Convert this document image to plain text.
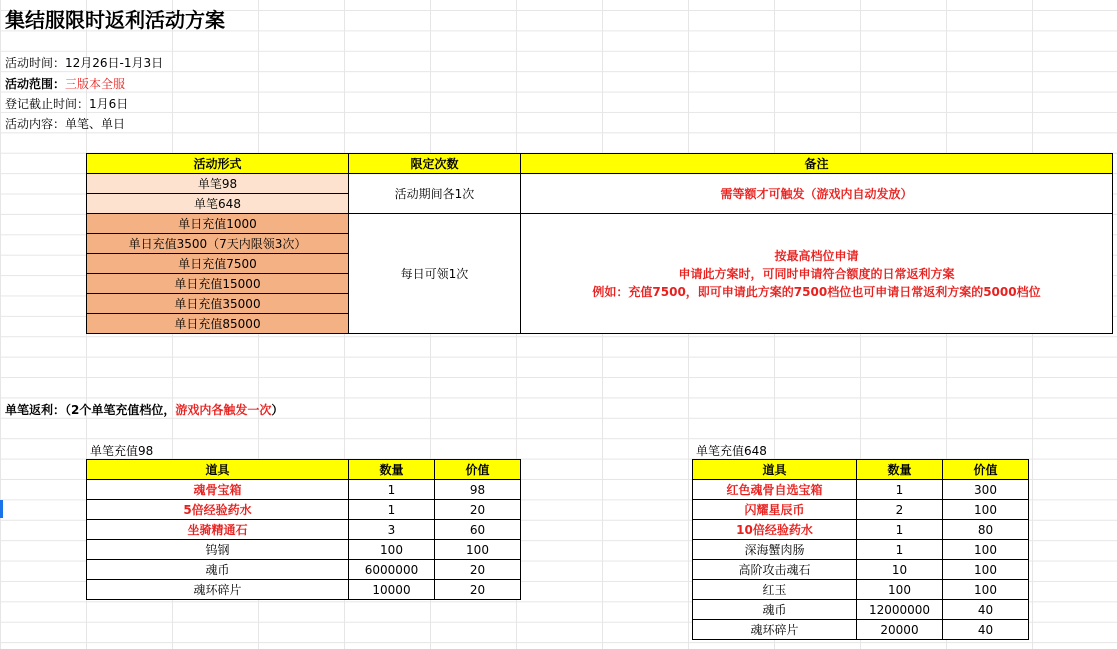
集结服限时返利活动方案
活动时间：12月26日-1月3日
活动范围：三版本全服
登记截止时间：1月6日
活动内容：单笔、单日
活动形式	限定次数	备注
单笔98	活动期间各1次	需等额才可触发（游戏内自动发放）
单笔648		
单日充值1000	每日可领1次	按最高档位申请
申请此方案时，可同时申请符合额度的日常返利方案
例如：充值7500，即可申请此方案的7500档位也可申请日常返利方案的5000档位

单日充值3500（7天内限领3次）		
单日充值7500		
单日充值15000		
单日充值35000		
单日充值85000		
单笔返利：（2个单笔充值档位，游戏内各触发一次）
单笔充值98
道具	数量	价值
魂骨宝箱	1	98
5倍经验药水	1	20
坐骑精通石	3	60
钨钢	100	100
魂币	6000000	20
魂环碎片	10000	20
单笔充值648
道具	数量	价值
红色魂骨自选宝箱	1	300
闪耀星辰币	2	100
10倍经验药水	1	80
深海蟹肉肠	1	100
高阶攻击魂石	10	100
红玉	100	100
魂币	12000000	40
魂环碎片	20000	40
